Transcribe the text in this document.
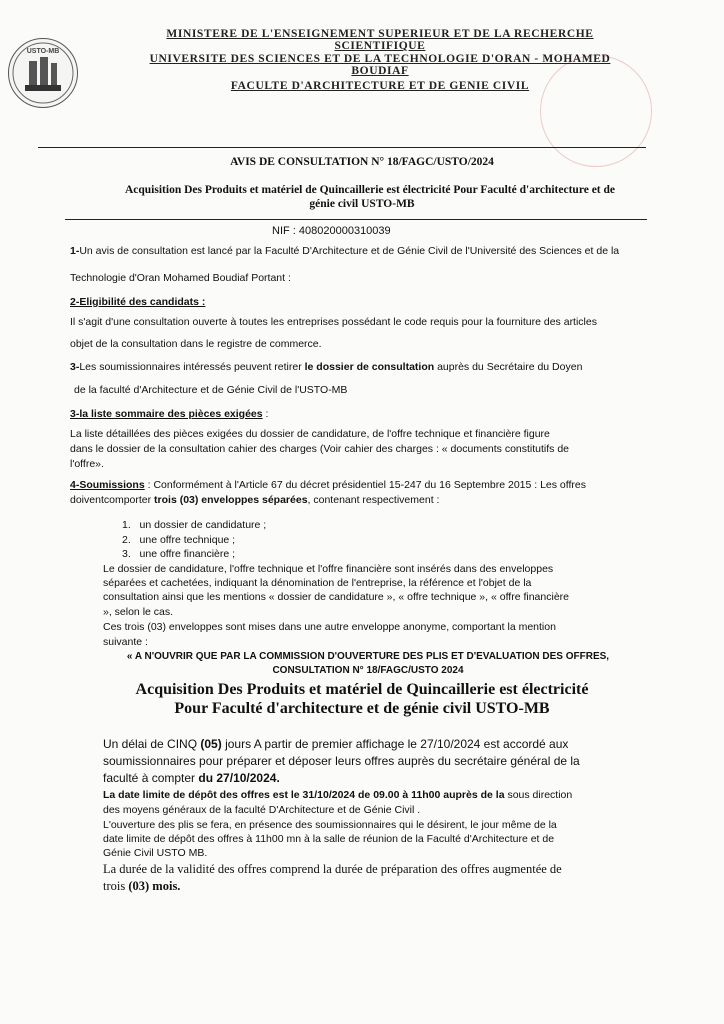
USTO-MB
MINISTERE DE L'ENSEIGNEMENT SUPERIEUR ET DE LA RECHERCHE SCIENTIFIQUE
UNIVERSITE DES SCIENCES ET DE LA TECHNOLOGIE D'ORAN - MOHAMED BOUDIAF
FACULTE D'ARCHITECTURE ET DE GENIE CIVIL
AVIS DE CONSULTATION N° 18/FAGC/USTO/2024
Acquisition Des Produits et matériel de Quincaillerie est électricité Pour Faculté d'architecture et de
génie civil USTO-MB
NIF : 408020000310039
1-Un avis de consultation est lancé par la Faculté D'Architecture et de Génie Civil de l'Université des Sciences et de la
Technologie d'Oran Mohamed Boudiaf Portant :
2-Eligibilité des candidats :
Il s'agit d'une consultation ouverte à toutes les entreprises possédant le code requis pour la fourniture des articles
objet de la consultation dans le registre de commerce.
3-Les soumissionnaires intéressés peuvent retirer le dossier de consultation auprès du Secrétaire du Doyen
de la faculté d'Architecture et de Génie Civil de l'USTO-MB
3-la liste sommaire des pièces exigées :
La liste détaillées des pièces exigées du dossier de candidature, de l'offre technique et financière figure
dans le dossier de la consultation cahier des charges (Voir cahier des charges : « documents constitutifs de
l'offre».
4-Soumissions : Conformément à l'Article 67 du décret présidentiel 15-247 du 16 Septembre 2015 : Les offres
doiventcomporter trois (03) enveloppes séparées, contenant respectivement :
1. un dossier de candidature ;
2. une offre technique ;
3. une offre financière ;
Le dossier de candidature, l'offre technique et l'offre financière sont insérés dans des enveloppes
séparées et cachetées, indiquant la dénomination de l'entreprise, la référence et l'objet de la
consultation ainsi que les mentions « dossier de candidature », « offre technique », « offre financière
», selon le cas.
Ces trois (03) enveloppes sont mises dans une autre enveloppe anonyme, comportant la mention
suivante :
« A N'OUVRIR QUE PAR LA COMMISSION D'OUVERTURE DES PLIS ET D'EVALUATION DES OFFRES,
CONSULTATION N° 18/FAGC/USTO 2024
Acquisition Des Produits et matériel de Quincaillerie est électricité
Pour Faculté d'architecture et de génie civil USTO-MB
Un délai de CINQ (05) jours A partir de premier affichage le 27/10/2024 est accordé aux
soumissionnaires pour préparer et déposer leurs offres auprès du secrétaire général de la
faculté à compter du 27/10/2024.
La date limite de dépôt des offres est le 31/10/2024 de 09.00 à 11h00 auprès de la sous direction
des moyens généraux de la faculté D'Architecture et de Génie Civil .
L'ouverture des plis se fera, en présence des soumissionnaires qui le désirent, le jour même de la
date limite de dépôt des offres à 11h00 mn à la salle de réunion de la Faculté d'Architecture et de
Génie Civil USTO MB.
La durée de la validité des offres comprend la durée de préparation des offres augmentée de
trois (03) mois.
